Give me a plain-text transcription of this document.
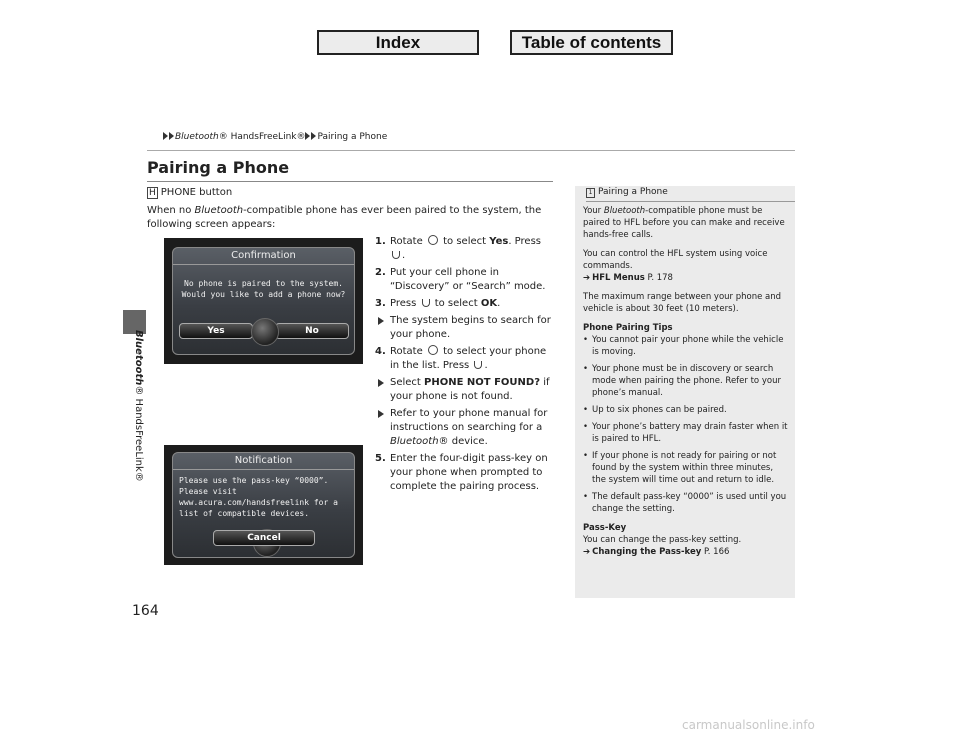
Index	Table of contents
Bluetooth® HandsFreeLink®
Bluetooth® HandsFreeLink® Pairing a Phone
Pairing a Phone
H PHONE button
When no Bluetooth-compatible phone has ever been paired to the system, the following screen appears:
1. Rotate to select Yes. Press .
2. Put your cell phone in “Discovery” or “Search” mode.
3. Press to select OK.
The system begins to search for your phone.
4. Rotate to select your phone in the list. Press .
Select PHONE NOT FOUND? if your phone is not found.
Refer to your phone manual for instructions on searching for a Bluetooth® device.
5. Enter the four-digit pass-key on your phone when prompted to complete the pairing process.
Confirmation
No phone is paired to the system.
Would you like to add a phone now?
Yes	No
Notification
Please use the pass-key “0000”.
Please visit
www.acura.com/handsfreelink for a
list of compatible devices.
Cancel
1 Pairing a Phone

Your Bluetooth-compatible phone must be paired to HFL before you can make and receive hands-free calls.

You can control the HFL system using voice commands.

➔ HFL Menus P. 178

The maximum range between your phone and vehicle is about 30 feet (10 meters).

Phone Pairing Tips
• You cannot pair your phone while the vehicle is moving.
• Your phone must be in discovery or search mode when pairing the phone. Refer to your phone’s manual.
• Up to six phones can be paired.
• Your phone’s battery may drain faster when it is paired to HFL.
• If your phone is not ready for pairing or not found by the system within three minutes, the system will time out and return to idle.
• The default pass-key “0000” is used until you change the setting.
Pass-Key
You can change the pass-key setting.
➔ Changing the Pass-key P. 166
164
carmanualsonline.info
